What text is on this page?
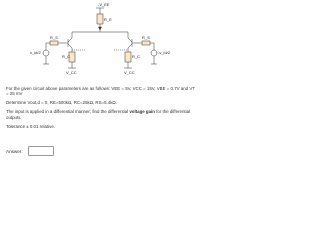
-V_EE
R_E
R_C	R_C
V_CC	V_CC
R_S	R_S
v_id/2	-v_id/2

For the given circuit above parameters are as follows: VEE = 5V, VCC = 15V, VBE = 0.7V and VT = 25 mV

Determine Vout,d = 0, RE=500kΩ, RC=25kΩ, RS=5.4kΩ.

The input is applied in a differential manner; find the differential voltage gain for the differential outputs.

Tolerance ± 0.01 relative.

Answer:
